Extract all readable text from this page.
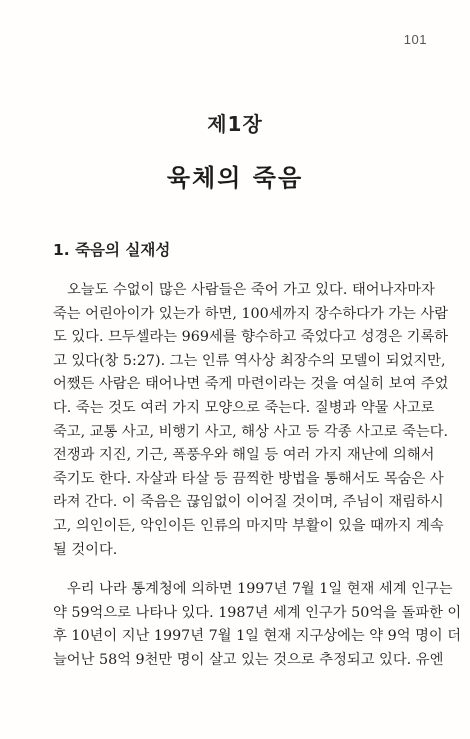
101
제1장
육체의 죽음
1. 죽음의 실재성
오늘도 수없이 많은 사람들은 죽어 가고 있다. 태어나자마자
죽는 어린아이가 있는가 하면, 100세까지 장수하다가 가는 사람
도 있다. 므두셀라는 969세를 향수하고 죽었다고 성경은 기록하
고 있다(창 5:27). 그는 인류 역사상 최장수의 모델이 되었지만,
어쨌든 사람은 태어나면 죽게 마련이라는 것을 여실히 보여 주었
다. 죽는 것도 여러 가지 모양으로 죽는다. 질병과 약물 사고로
죽고, 교통 사고, 비행기 사고, 해상 사고 등 각종 사고로 죽는다.
전쟁과 지진, 기근, 폭풍우와 해일 등 여러 가지 재난에 의해서
죽기도 한다. 자살과 타살 등 끔찍한 방법을 통해서도 목숨은 사
라져 간다. 이 죽음은 끊임없이 이어질 것이며, 주님이 재림하시
고, 의인이든, 악인이든 인류의 마지막 부활이 있을 때까지 계속
될 것이다.
우리 나라 통계청에 의하면 1997년 7월 1일 현재 세계 인구는
약 59억으로 나타나 있다. 1987년 세계 인구가 50억을 돌파한 이
후 10년이 지난 1997년 7월 1일 현재 지구상에는 약 9억 명이 더
늘어난 58억 9천만 명이 살고 있는 것으로 추정되고 있다. 유엔
